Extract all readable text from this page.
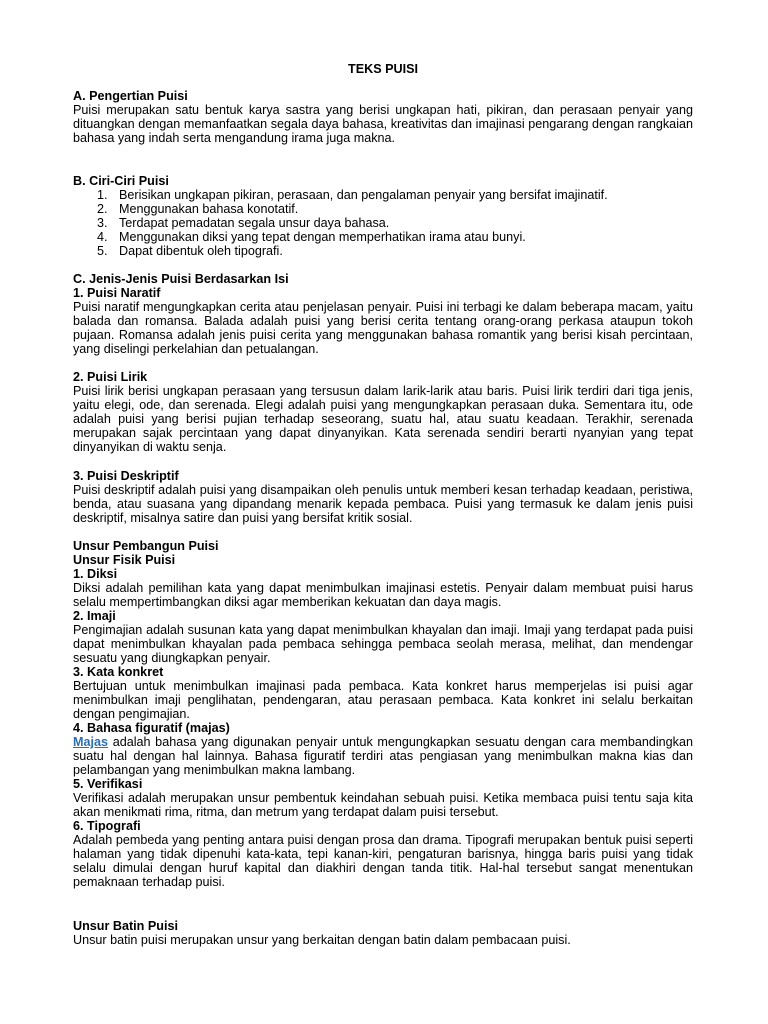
TEKS PUISI
A. Pengertian Puisi

Puisi merupakan satu bentuk karya sastra yang berisi ungkapan hati, pikiran, dan perasaan penyair yang dituangkan dengan memanfaatkan segala daya bahasa, kreativitas dan imajinasi pengarang dengan rangkaian bahasa yang indah serta mengandung irama juga makna.

B. Ciri-Ciri Puisi
1. Berisikan ungkapan pikiran, perasaan, dan pengalaman penyair yang bersifat imajinatif.
2. Menggunakan bahasa konotatif.
3. Terdapat pemadatan segala unsur daya bahasa.
4. Menggunakan diksi yang tepat dengan memperhatikan irama atau bunyi.
5. Dapat dibentuk oleh tipografi.
C. Jenis-Jenis Puisi Berdasarkan Isi
1. Puisi Naratif

Puisi naratif mengungkapkan cerita atau penjelasan penyair. Puisi ini terbagi ke dalam beberapa macam, yaitu balada dan romansa. Balada adalah puisi yang berisi cerita tentang orang-orang perkasa ataupun tokoh pujaan. Romansa adalah jenis puisi cerita yang menggunakan bahasa romantik yang berisi kisah percintaan, yang diselingi perkelahian dan petualangan.

2. Puisi Lirik

Puisi lirik berisi ungkapan perasaan yang tersusun dalam larik-larik atau baris. Puisi lirik terdiri dari tiga jenis, yaitu elegi, ode, dan serenada. Elegi adalah puisi yang mengungkapkan perasaan duka. Sementara itu, ode adalah puisi yang berisi pujian terhadap seseorang, suatu hal, atau suatu keadaan. Terakhir, serenada merupakan sajak percintaan yang dapat dinyanyikan. Kata serenada sendiri berarti nyanyian yang tepat dinyanyikan di waktu senja.

3. Puisi Deskriptif

Puisi deskriptif adalah puisi yang disampaikan oleh penulis untuk memberi kesan terhadap keadaan, peristiwa, benda, atau suasana yang dipandang menarik kepada pembaca. Puisi yang termasuk ke dalam jenis puisi deskriptif, misalnya satire dan puisi yang bersifat kritik sosial.

Unsur Pembangun Puisi
Unsur Fisik Puisi
1. Diksi

Diksi adalah pemilihan kata yang dapat menimbulkan imajinasi estetis. Penyair dalam membuat puisi harus selalu mempertimbangkan diksi agar memberikan kekuatan dan daya magis.

2. Imaji

Pengimajian adalah susunan kata yang dapat menimbulkan khayalan dan imaji. Imaji yang terdapat pada puisi dapat menimbulkan khayalan pada pembaca sehingga pembaca seolah merasa, melihat, dan mendengar sesuatu yang diungkapkan penyair.

3. Kata konkret

Bertujuan untuk menimbulkan imajinasi pada pembaca. Kata konkret harus memperjelas isi puisi agar menimbulkan imaji penglihatan, pendengaran, atau perasaan pembaca. Kata konkret ini selalu berkaitan dengan pengimajian.

4. Bahasa figuratif (majas)

Majas adalah bahasa yang digunakan penyair untuk mengungkapkan sesuatu dengan cara membandingkan suatu hal dengan hal lainnya. Bahasa figuratif terdiri atas pengiasan yang menimbulkan makna kias dan pelambangan yang menimbulkan makna lambang.

5. Verifikasi

Verifikasi adalah merupakan unsur pembentuk keindahan sebuah puisi. Ketika membaca puisi tentu saja kita akan menikmati rima, ritma, dan metrum yang terdapat dalam puisi tersebut.

6. Tipografi

Adalah pembeda yang penting antara puisi dengan prosa dan drama. Tipografi merupakan bentuk puisi seperti halaman yang tidak dipenuhi kata-kata, tepi kanan-kiri, pengaturan barisnya, hingga baris puisi yang tidak selalu dimulai dengan huruf kapital dan diakhiri dengan tanda titik. Hal-hal tersebut sangat menentukan pemaknaan terhadap puisi.

Unsur Batin Puisi

Unsur batin puisi merupakan unsur yang berkaitan dengan batin dalam pembacaan puisi.
